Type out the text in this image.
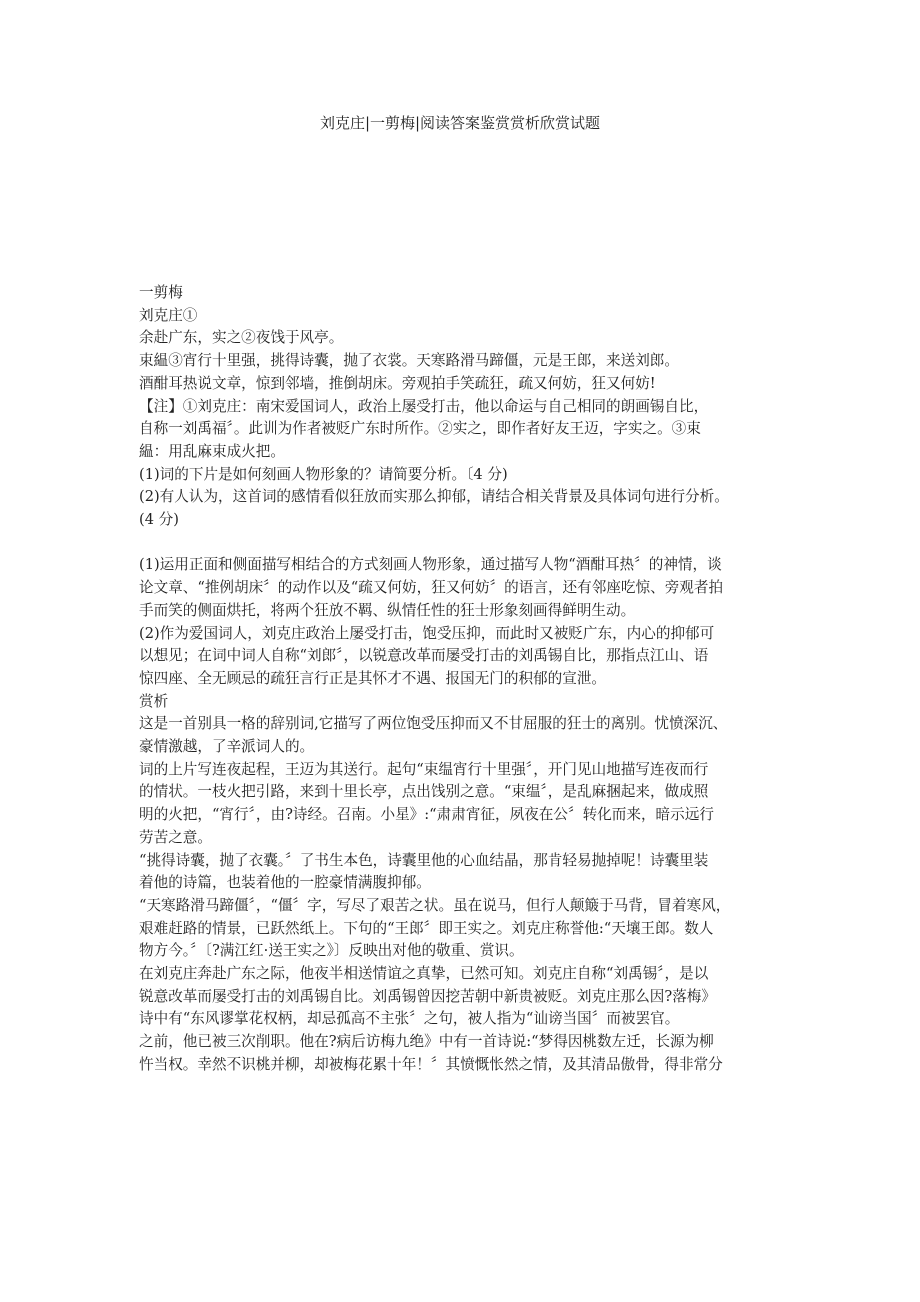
刘克庄|一剪梅|阅读答案鉴赏赏析欣赏试题

一剪梅

刘克庄①

余赴广东，实之②夜饯于风亭。

束緼③宵行十里强，挑得诗囊，抛了衣裳。天寒路滑马蹄僵，元是王郎，来送刘郎。

酒酣耳热说文章，惊到邻墙，推倒胡床。旁观拍手笑疏狂，疏又何妨，狂又何妨!

【注】①刘克庄：南宋爱国词人，政治上屡受打击，他以命运与自己相同的朗画锡自比，

自称一刘禹福〞。此训为作者被贬广东时所作。②实之，即作者好友王迈，字实之。③束

緼：用乱麻束成火把。

(1)词的下片是如何刻画人物形象的？请简要分析。〔4 分)

(2)有人认为，这首词的感情看似狂放而实那么抑郁，请结合相关背景及具体词句进行分析。

(4 分)

(1)运用正面和侧面描写相结合的方式刻画人物形象，通过描写人物“酒酣耳热〞的神情，谈

论文章、“推例胡床〞的动作以及“疏又何妨，狂又何妨〞的语言，还有邻座吃惊、旁观者拍

手而笑的侧面烘托，将两个狂放不羁、纵情任性的狂士形象刻画得鲜明生动。

(2)作为爱国词人，刘克庄政治上屡受打击，饱受压抑，而此时又被贬广东，内心的抑郁可

以想见；在词中词人自称“刘郎〞，以锐意改革而屡受打击的刘禹锡自比，那指点江山、语

惊四座、全无顾忌的疏狂言行正是其怀才不遇、报国无门的积郁的宣泄。

赏析

这是一首别具一格的辞别词,它描写了两位饱受压抑而又不甘屈服的狂士的离别。忧愤深沉、

豪情激越，了辛派词人的。

词的上片写连夜起程，王迈为其送行。起句“束缊宵行十里强〞，开门见山地描写连夜而行

的情状。一枝火把引路，来到十里长亭，点出饯别之意。“束缊〞，是乱麻捆起来，做成照

明的火把，“宵行〞，由?诗经。召南。小星》:“肃肃宵征，夙夜在公〞转化而来，暗示远行

劳苦之意。

“挑得诗囊，抛了衣囊。〞了书生本色，诗囊里他的心血结晶，那肯轻易抛掉呢！诗囊里装

着他的诗篇，也装着他的一腔豪情满腹抑郁。

“天寒路滑马蹄僵〞，“僵〞字，写尽了艰苦之状。虽在说马，但行人颠簸于马背，冒着寒风，

艰难赶路的情景，已跃然纸上。下句的“王郎〞即王实之。刘克庄称誉他:“天壤王郎。数人

物方今。〞〔?满江红·送王实之》〕反映出对他的敬重、赏识。

在刘克庄奔赴广东之际，他夜半相送情谊之真挚，已然可知。刘克庄自称“刘禹锡〞，是以

锐意改革而屡受打击的刘禹锡自比。刘禹锡曾因挖苦朝中新贵被贬。刘克庄那么因?落梅》

诗中有“东风谬掌花权柄，却忌孤高不主张〞之句，被人指为“讪谤当国〞而被罢官。

之前，他已被三次削职。他在?病后访梅九绝》中有一首诗说:“梦得因桃数左迁，长源为柳

忤当权。幸然不识桃并柳，却被梅花累十年！〞其愤慨怅然之情，及其清品傲骨，得非常分
